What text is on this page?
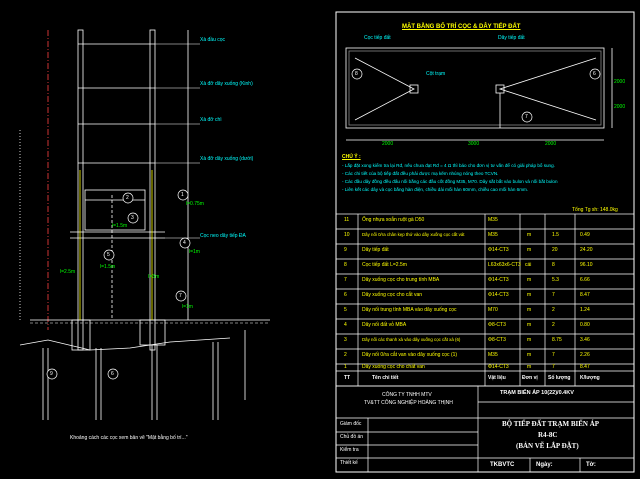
Xà đầu cọc
Xà đỡ dây xuống (Kinh)
Xà đỡ chì
Xà đỡ dây xuống (dưới)
Cọc neo dây tiếp ĐA
l=0.75m
l=1.5m
l=1m
l=1.5m
l=2.5m
l=1m
I=3m
1
2
3
4
5
6
7
9
Khoảng cách các cọc xem bản vẽ "Mặt bằng bố trí..."
MẶT BẰNG BỐ TRÍ CỌC & DÂY TIẾP ĐẤT
Cọc tiếp đất	Dây tiếp đất
Cột trạm
2000	3000	2000
2000
2000
8	6
7
CHÚ Ý :
- Lắp đặt xong kiểm tra lại Rđ, nếu chưa đạt Rđ = 4 Ω thì báo cho đơn vị tư vấn để có giải pháp bổ sung.
- Các chi tiết của bộ tiếp đất đều phải được mạ kẽm nhúng nóng theo TCVN.
- Các đầu dây đồng đều đấu nối bằng các đầu cốt đồng M35, M70. Dây sắt bắt vào bulon và nối bằt bulon
- Liên kết các dây và cọc bằng hàn điện, chiều dài mối hàn 60mm, chiều cao mối hàn 6mm.
Tổng Tg sh: 148.0kg
11	Ống nhựa xoắn ruột gà D50	M35
10	Dây nối 0/ra chân kẹp thứ vào dây xuống cọc cắt vát	M35	m	1.5	0.49
9	Dây tiếp đất	Φ14-CT3	m	20	24.20
8	Cọc tiếp đất L=2.5m	L63x63x6-CT3 cái	8	96.10
7	Dây xuống cọc cho trung tính MBA	Φ14-CT3	m	5.3	6.66
6	Dây xuống cọc cho cắt van	Φ14-CT3	m	7	8.47
5	Dây nối trung tính MBA vào dây xuống cọc	M70	m	2	1.24
4	Dây nối đất vỏ MBA	Φ8-CT3	m	2	0.80
3	Dây nối các thanh xà vào dây xuống cọc cắt xà (6)	Φ8-CT3	m	8.75	3.46
2	Dây nối 0/ra cắt van vào dây xuống cọc (1)	M35	m	7	2.26
1	Dây xuống cọc cho chất van	Φ14-CT3	m	7	8.47
TT	Tên chi tiết	Vật liệu	Đơn vị Số lượng K/lượng
CÔNG TY TNHH MTV
TV&TT CÔNG NGHIỆP HOÀNG THỊNH
TRẠM BIẾN ÁP 10(22)/0.4KV
BỘ TIẾP ĐẤT TRẠM BIẾN ÁP
R4-8C
(BẢN VẼ LẮP ĐẶT)
Giám đốc
Chủ đồ án
Kiểm tra
Thiết kế	TKBVTC	Ngày:	Tờ:
